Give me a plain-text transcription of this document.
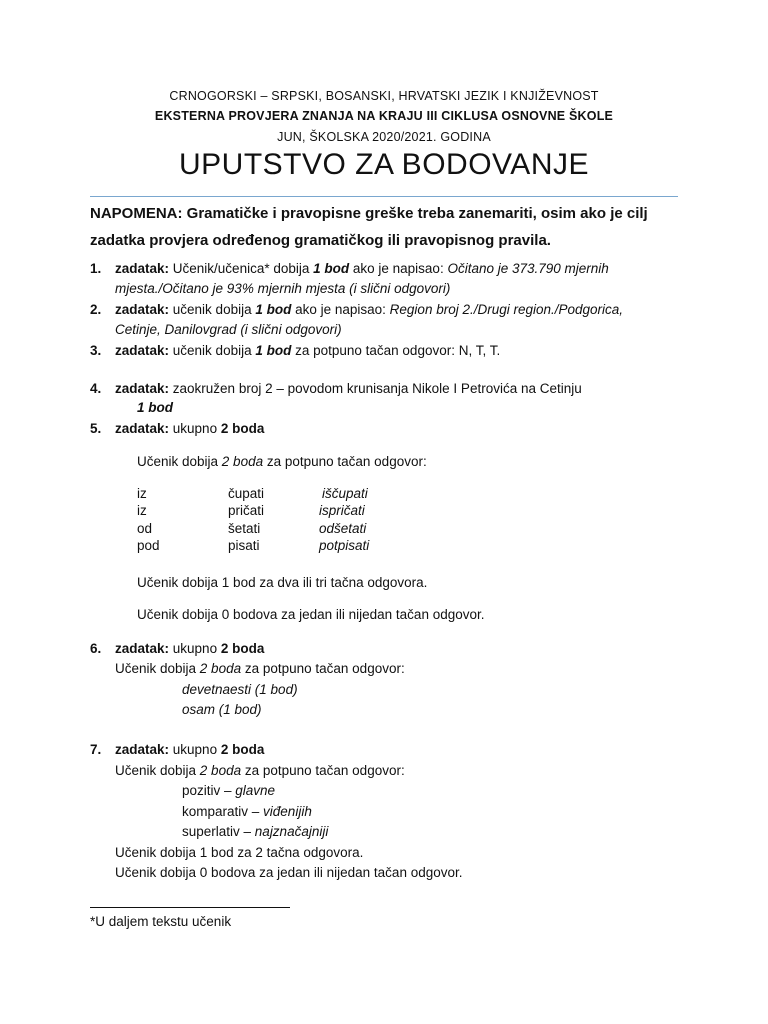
CRNOGORSKI – SRPSKI, BOSANSKI, HRVATSKI JEZIK I KNJIŽEVNOST
EKSTERNA PROVJERA ZNANJA NA KRAJU III CIKLUSA OSNOVNE ŠKOLE
JUN, ŠKOLSKA 2020/2021. GODINA
UPUTSTVO ZA BODOVANJE
NAPOMENA: Gramatičke i pravopisne greške treba zanemariti, osim ako je cilj zadatka provjera određenog gramatičkog ili pravopisnog pravila.
1. zadatak: Učenik/učenica* dobija 1 bod ako je napisao: Očitano je 373.790 mjernih
mjesta./Očitano je 93% mjernih mjesta (i slični odgovori)
2. zadatak: učenik dobija 1 bod ako je napisao: Region broj 2./Drugi region./Podgorica,
Cetinje, Danilovgrad (i slični odgovori)
3. zadatak: učenik dobija 1 bod za potpuno tačan odgovor: N, T, T.
4. zadatak: zaokružen broj 2 – povodom krunisanja Nikole I Petrovića na Cetinju
1 bod
5. zadatak: ukupno 2 boda
Učenik dobija 2 boda za potpuno tačan odgovor:
iz	čupati	iščupati
iz	pričati	ispričati
od	šetati	odšetati
pod	pisati	potpisati
Učenik dobija 1 bod za dva ili tri tačna odgovora.
Učenik dobija 0 bodova za jedan ili nijedan tačan odgovor.
6. zadatak: ukupno 2 boda
Učenik dobija 2 boda za potpuno tačan odgovor:
devetnaesti (1 bod)
osam (1 bod)
7. zadatak: ukupno 2 boda
Učenik dobija 2 boda za potpuno tačan odgovor:
pozitiv – glavne
komparativ – viđenijih
superlativ – najznačajniji
Učenik dobija 1 bod za 2 tačna odgovora.
Učenik dobija 0 bodova za jedan ili nijedan tačan odgovor.
*U daljem tekstu učenik
